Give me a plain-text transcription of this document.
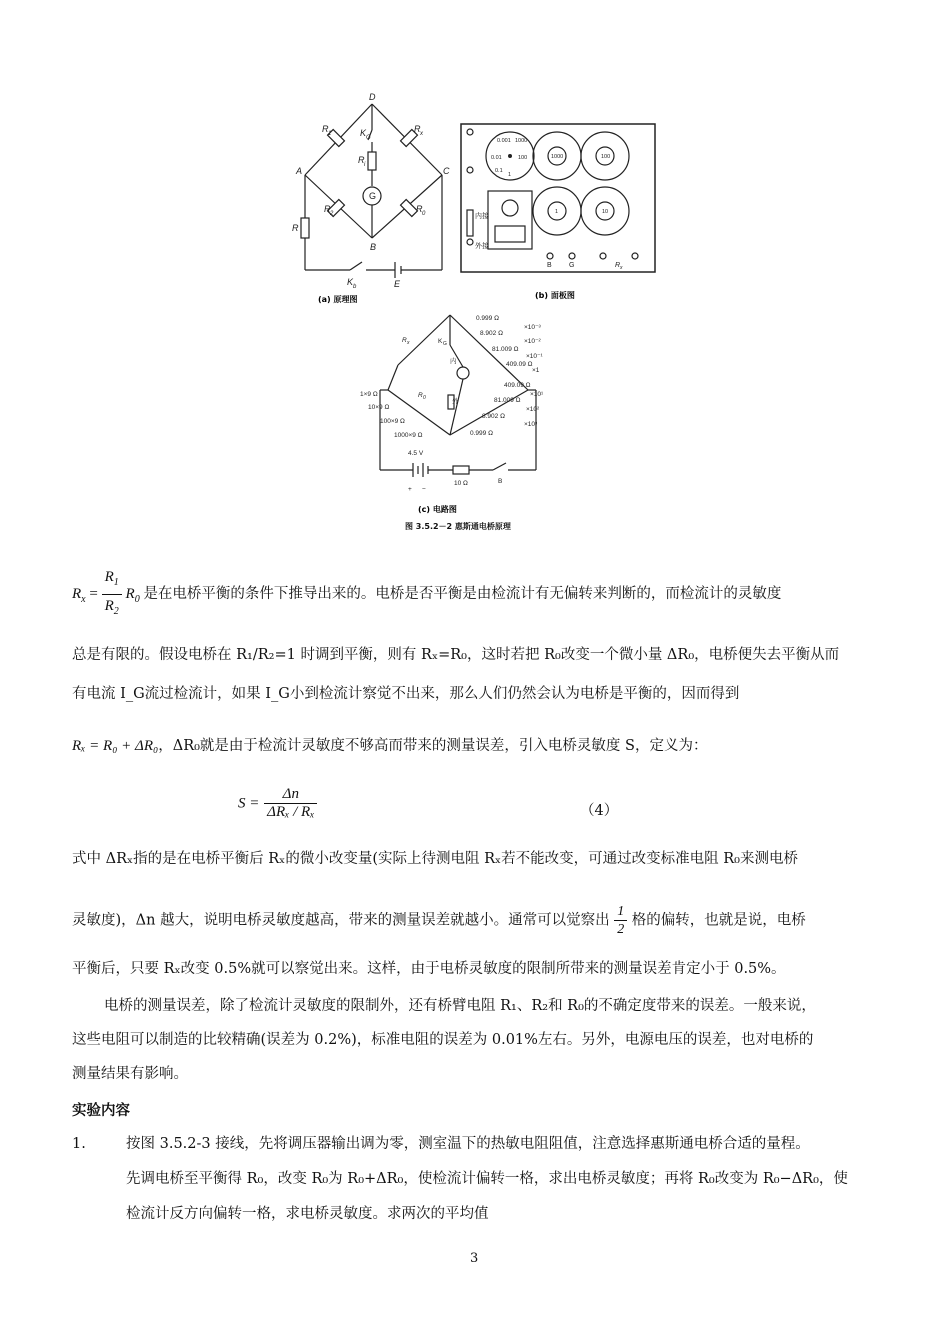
D
A	C
B
R 1	R x
R 2	R 0
R i
K G
G
R
K b	E
(a) 原理图
0.001 1000
0.01
0.1
1
100	1000	100
1	10
内接
外接
B G	R x
(b) 面板图
0.999 Ω
8.902 Ω
81.009 Ω
409.09 Ω
409.09 Ω
81.009 Ω
8.902 Ω
0.999 Ω
×10⁻³
×10⁻²
×10⁻¹
×1
×10¹
×10²
×10³
1×9 Ω
10×9 Ω
100×9 Ω
1000×9 Ω
4.5 V
10 Ω	B
+ −
内
外
R x
R 0
K G
(c) 电路图
图 3.5.2－2 惠斯通电桥原理
$R_x = \frac{R_1}{R_2} R_0$ 是在电桥平衡的条件下推导出来的。电桥是否平衡是由检流计有无偏转来判断的，而检流计的灵敏度
总是有限的。假设电桥在 R₁/R₂=1 时调到平衡，则有 Rₓ=R₀，这时若把 R₀改变一个微小量 ΔR₀，电桥便失去平衡从而
有电流 I_G流过检流计，如果 I_G小到检流计察觉不出来，那么人们仍然会认为电桥是平衡的，因而得到
Rₓ = R₀ + ΔR₀，ΔR₀就是由于检流计灵敏度不够高而带来的测量误差，引入电桥灵敏度 S，定义为：
$S = \frac{\Delta n}{\text{ΔRₓ / Rₓ}}$	（4）
式中 ΔRₓ指的是在电桥平衡后 Rₓ的微小改变量(实际上待测电阻 Rₓ若不能改变，可通过改变标准电阻 R₀来测电桥
灵敏度)，Δn 越大，说明电桥灵敏度越高，带来的测量误差就越小。通常可以觉察出 $\frac{1}{2}$ 格的偏转，也就是说，电桥
平衡后，只要 Rₓ改变 0.5%就可以察觉出来。这样，由于电桥灵敏度的限制所带来的测量误差肯定小于 0.5%。
电桥的测量误差，除了检流计灵敏度的限制外，还有桥臂电阻 R₁、R₂和 R₀的不确定度带来的误差。一般来说，
这些电阻可以制造的比较精确(误差为 0.2%)，标准电阻的误差为 0.01%左右。另外，电源电压的误差，也对电桥的
测量结果有影响。
实验内容
1.	按图 3.5.2-3 接线，先将调压器输出调为零，测室温下的热敏电阻阻值，注意选择惠斯通电桥合适的量程。
先调电桥至平衡得 R₀，改变 R₀为 R₀+ΔR₀，使检流计偏转一格，求出电桥灵敏度；再将 R₀改变为 R₀−ΔR₀，使
检流计反方向偏转一格，求电桥灵敏度。求两次的平均值
3
